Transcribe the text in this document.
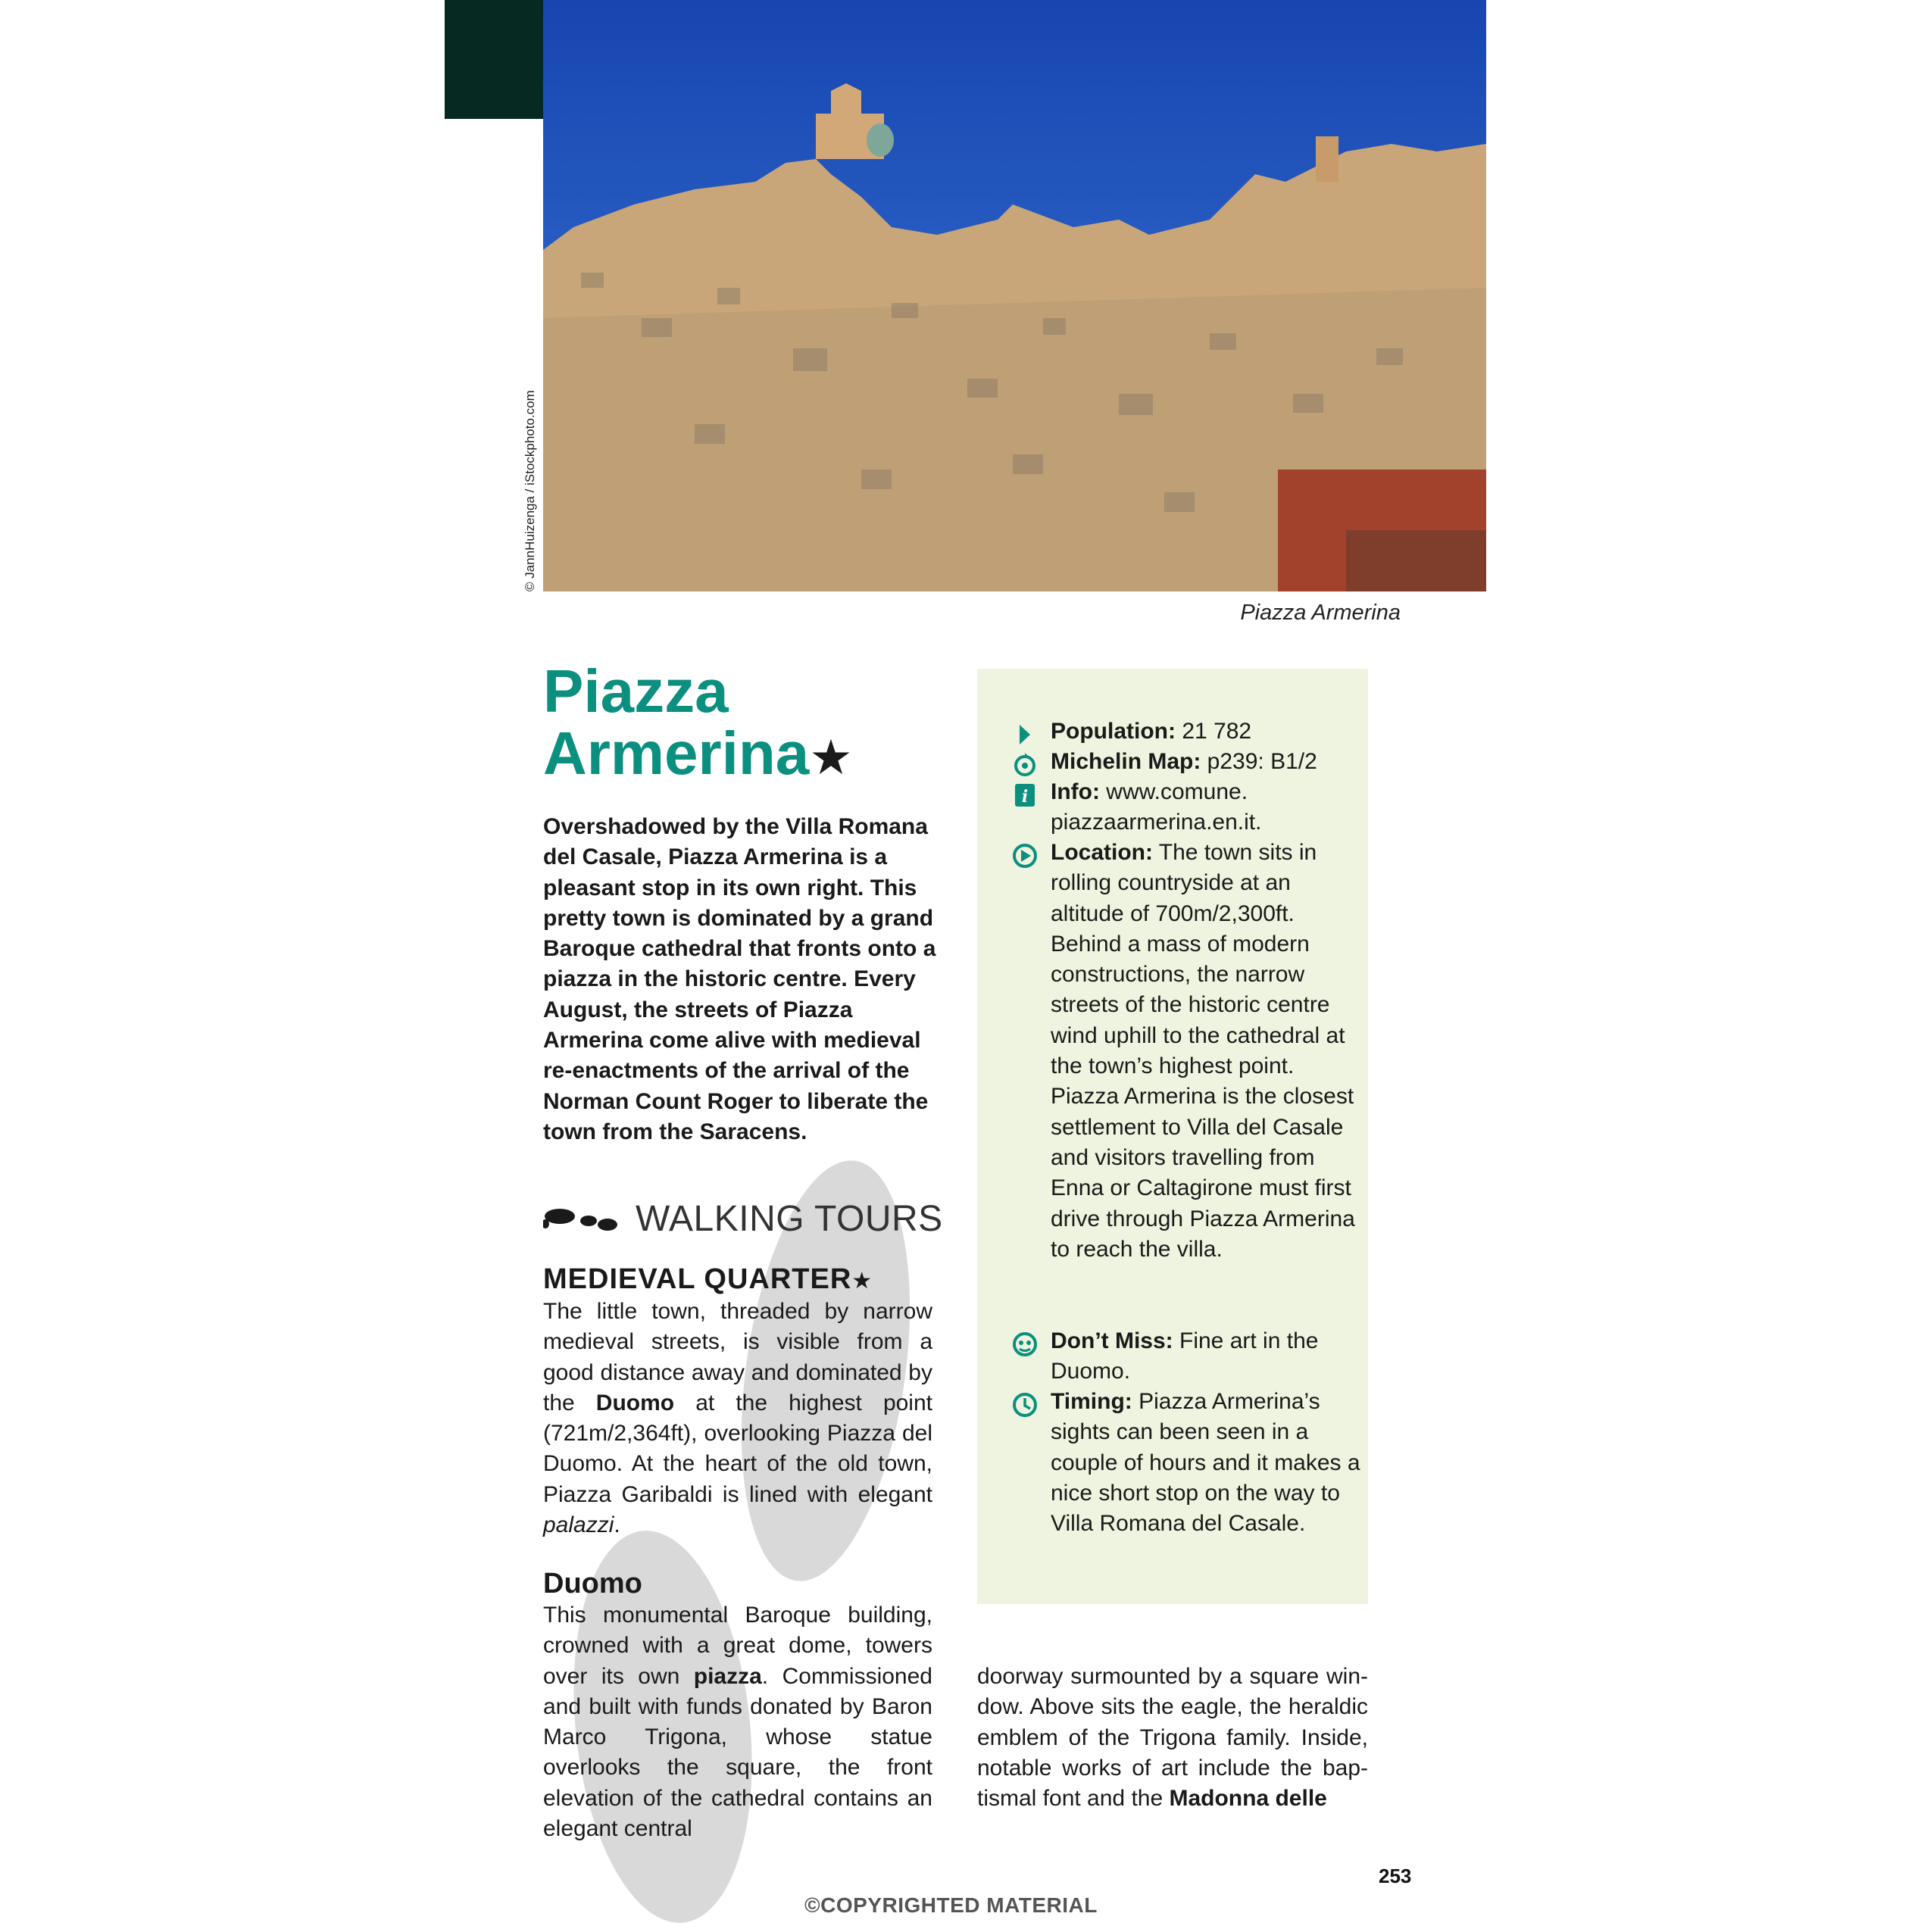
© JannHuizenga / iStockphoto.com
Piazza Armerina
Piazza
Armerina★

Overshadowed by the Villa Romana del Casale, Piazza Armerina is a pleasant stop in its own right. This pretty town is dominated by a grand Baroque cathedral that fronts onto a piazza in the historic centre. Every August, the streets of Piazza Armerina come alive with medieval re-enactments of the arrival of the Norman Count Roger to liberate the town from the Saracens.

WALKING TOURS
MEDIEVAL QUARTER★

The little town, threaded by narrow medieval streets, is visible from a good distance away and dominated by the Duomo at the highest point (721m/2,364ft), overlooking Piazza del Duomo. At the heart of the old town, Piazza Garibaldi is lined with elegant palazzi.

Duomo

This monumental Baroque building, crowned with a great dome, towers over its own piazza. Commissioned and built with funds donated by Baron Marco Trigona, whose statue overlooks the square, the front elevation of the cathedral contains an elegant central

doorway surmounted by a square win-dow. Above sits the eagle, the heraldic emblem of the Trigona family. Inside, notable works of art include the bap-tismal font and the Madonna delle

Population: 21 782
Michelin Map: p239: B1/2
i Info: www.comune. piazzaarmerina.en.it.
Location: The town sits in rolling countryside at an altitude of 700m/2,300ft. Behind a mass of modern constructions, the narrow streets of the historic centre wind uphill to the cathedral at the town’s highest point. Piazza Armerina is the closest settlement to Villa del Casale and visitors travelling from Enna or Caltagirone must first drive through Piazza Armerina to reach the villa.
Don’t Miss: Fine art in the Duomo.
Timing: Piazza Armerina’s sights can been seen in a couple of hours and it makes a nice short stop on the way to Villa Romana del Casale.
253
©COPYRIGHTED MATERIAL
